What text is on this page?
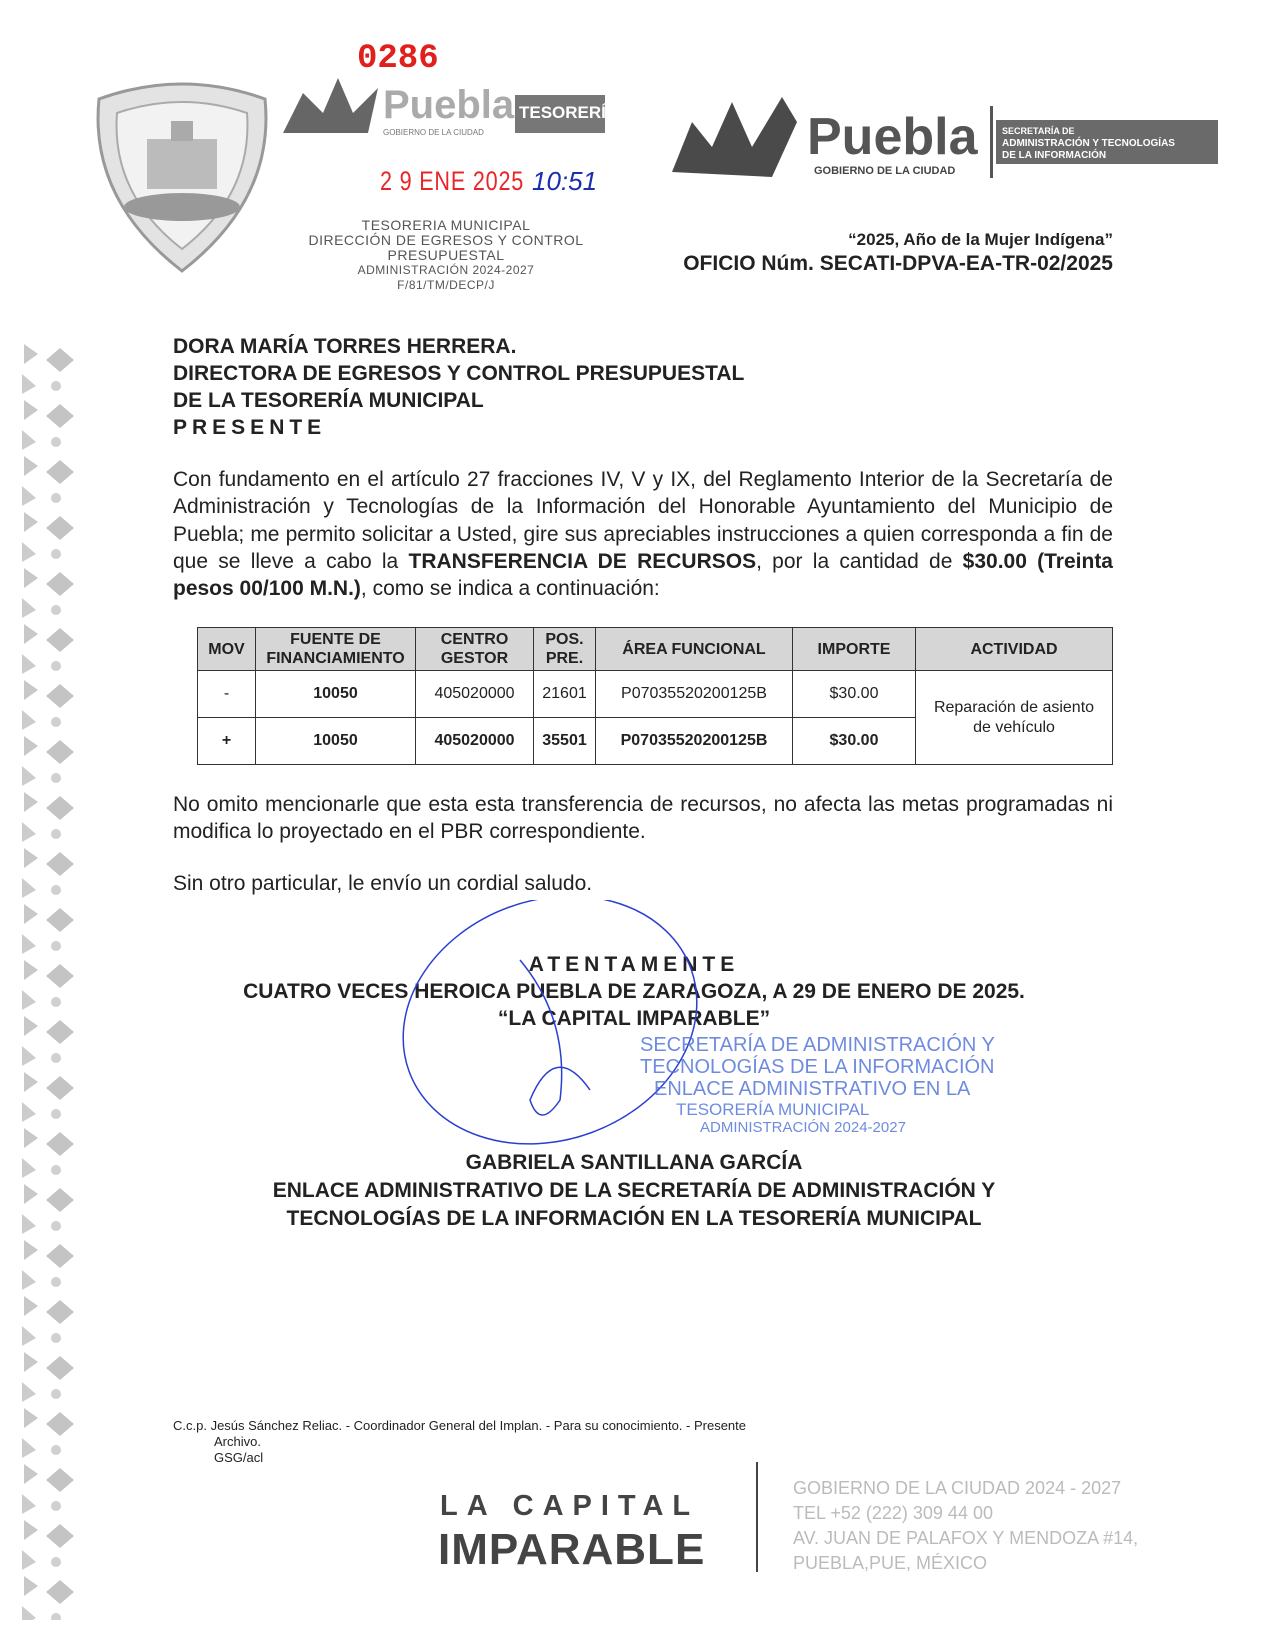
0286
Puebla
GOBIERNO DE LA CIUDAD
TESORERÍA
2 9 ENE 2025 10:51
TESORERIA MUNICIPAL
DIRECCIÓN DE EGRESOS Y CONTROL
PRESUPUESTAL
ADMINISTRACIÓN 2024-2027
F/81/TM/DECP/J
Puebla
GOBIERNO DE LA CIUDAD
SECRETARÍA DE
ADMINISTRACIÓN Y TECNOLOGÍAS
DE LA INFORMACIÓN
“2025, Año de la Mujer Indígena”
OFICIO Núm. SECATI-DPVA-EA-TR-02/2025
DORA MARÍA TORRES HERRERA.
DIRECTORA DE EGRESOS Y CONTROL PRESUPUESTAL
DE LA TESORERÍA MUNICIPAL
PRESENTE
Con fundamento en el artículo 27 fracciones IV, V y IX, del Reglamento Interior de la Secretaría de Administración y Tecnologías de la Información del Honorable Ayuntamiento del Municipio de Puebla; me permito solicitar a Usted, gire sus apreciables instrucciones a quien corresponda a fin de que se lleve a cabo la TRANSFERENCIA DE RECURSOS, por la cantidad de $30.00 (Treinta pesos 00/100 M.N.), como se indica a continuación:
MOV	FUENTE DE FINANCIAMIENTO	CENTRO GESTOR	POS. PRE.	ÁREA FUNCIONAL	IMPORTE	ACTIVIDAD
-	10050	405020000	21601	P07035520200125B	$30.00	Reparación de asiento de vehículo
+	10050	405020000	35501	P07035520200125B	$30.00	
No omito mencionarle que esta esta transferencia de recursos, no afecta las metas programadas ni modifica lo proyectado en el PBR correspondiente.
Sin otro particular, le envío un cordial saludo.
ATENTAMENTE
CUATRO VECES HEROICA PUEBLA DE ZARAGOZA, A 29 DE ENERO DE 2025.
“LA CAPITAL IMPARABLE”
SECRETARÍA DE ADMINISTRACIÓN Y
TECNOLOGÍAS DE LA INFORMACIÓN
ENLACE ADMINISTRATIVO EN LA
TESORERÍA MUNICIPAL
ADMINISTRACIÓN 2024-2027
GABRIELA SANTILLANA GARCÍA
ENLACE ADMINISTRATIVO DE LA SECRETARÍA DE ADMINISTRACIÓN Y
TECNOLOGÍAS DE LA INFORMACIÓN EN LA TESORERÍA MUNICIPAL
C.c.p. Jesús Sánchez Reliac. - Coordinador General del Implan. - Para su conocimiento. - Presente
Archivo.
GSG/acl
LA CAPITAL
IMPARABLE
GOBIERNO DE LA CIUDAD 2024 - 2027
TEL +52 (222) 309 44 00
AV. JUAN DE PALAFOX Y MENDOZA #14,
PUEBLA,PUE, MÉXICO
